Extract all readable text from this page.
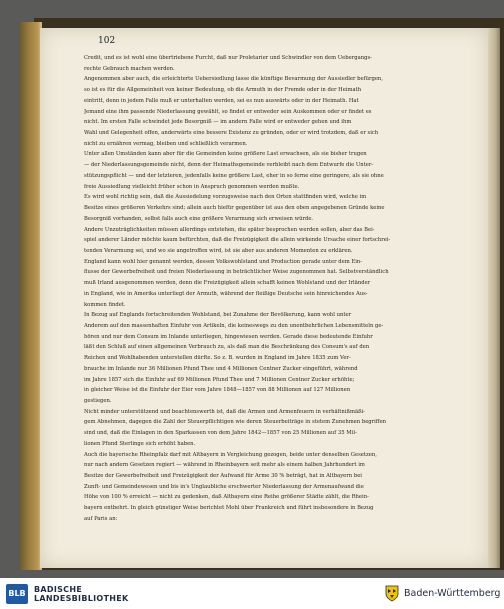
102
Credit, und es ist wohl eine übertriebene Furcht, daß nur Proletarier und Schwindler von dem Uebergangs-
rechte Gebrauch machen werden.
Angenommen aber auch, die erleichterte Uebersiedlung lasse die künftige Bevarmung der Aussiedler befürgen,
so ist es für die Allgemeinheit von keiner Bedeutung, ob die Armuth in der Fremde oder in der Heimath
eintritt, denn in jedem Falle muß er unterhalten werden, sei es nun auswärts oder in der Heimath. Hat
Jemand eine ihm passende Niederlassung gewählt, so findet er entweder sein Auskommen oder er findet es
nicht. Im ersten Falle schwindet jede Besorgniß — im andern Falle wird er entweder gehen und ihm
Wahl und Gelegenheit offen, anderwärts eine bessere Existenz zu gründen, oder er wird trotzdem, daß er sich
nicht zu ernähren vermag, bleiben und schließlich verarmen.
Unter allen Umständen kann aber für die Gemeinden keine größere Last erwachsen, als sie bisher trugen
— der Niederlassungsgemeinde nicht, denn der Heimathsgemeinde verbleibt nach dem Entwurfe die Unter-
stützungspflicht — und der letzteren, jedenfalls keine größere Last, eher in so ferne eine geringere, als sie ohne
freie Aussiedlung vielleicht früher schon in Anspruch genommen werden mußte.
Es wird wohl richtig sein, daß die Aussiedelung vorzugsweise nach den Orten stattfinden wird, welche im
Besitze eines größeren Verkehrs sind; allein auch hiefür gegenüber ist aus den oben angegebenen Gründe keine
Besorgniß vorhanden, selbst falls auch eine größere Verarmung sich erweisen würde.
Andere Unzuträglichkeiten müssen allerdings entstehen, die später besprochen werden sollen, aber das Bei-
spiel anderer Länder möchte kaum befürchten, daß die Freizügigkeit die allein wirkende Ursache einer fortschrei-
tenden Verarmung sei, und wo sie angetroffen wird, ist sie aber aus anderen Momenten zu erklären.
England kann wohl hier genannt werden, dessen Volkswohlstand und Production gerade unter dem Ein-
flusse der Gewerbefreiheit und freien Niederlassung in beträchtlicher Weise zugenommen hat. Selbstverständlich
muß Irland ausgenommen werden, denn die Freizügigkeit allein schafft keinen Wohlstand und der Irländer
in England, wie in Amerika unterliegt der Armuth, während der fleißige Deutsche sein hinreichendes Aus-
kommen findet.
In Bezug auf Englands fortschreitenden Wohlstand, bei Zunahme der Bevölkerung, kann wohl unter
Anderem auf den massenhaften Einfuhr von Artikeln, die keineswegs zu den unentbehrlichen Lebensmitteln ge-
hören und nur dem Consum im Inlande unterliegen, hingewiesen werden. Gerade diese bedeutende Einfuhr
läßt den Schluß auf einen allgemeinen Verbrauch zu, als daß man die Beschränkung des Consum's auf den
Reichen und Wohlhabenden unterstellen dürfte. So z. B. wurden in England im Jahre 1835 zum Ver-
brauche im Inlande nur 36 Millionen Pfund Thee und 4 Millionen Centner Zucker eingeführt, während
im Jahre 1857 sich die Einfuhr auf 69 Millionen Pfund Thee und 7 Millionen Centner Zucker erhöhte;
in gleicher Weise ist die Einfuhr der Eier vom Jahre 1848—1857 von 88 Millionen auf 127 Millionen
gestiegen.
Nicht minder unterstützend und beachtenswerth ist, daß die Armen und Armenfeuern in verhältnißmäßi-
gem Abnehmen, dagegen die Zahl der Steuerpflichtigen wie deren Steuerbeiträge in stetem Zunehmen begriffen
sind und, daß die Einlagen in den Sparkassen von dem Jahre 1842—1857 von 25 Millionen auf 35 Mil-
lionen Pfund Sterlinge sich erhöht haben.
Auch die bayerische Rheinpfalz darf mit Altbayern in Vergleichung gezogen, beide unter denselben Gesetzen,
nur nach andern Gesetzen regiert — während in Rheinbayern seit mehr als einem halben Jahrhundert im
Besitze der Gewerbefreiheit und Freizügigkeit der Aufwand für Arme 30 % beträgt, hat in Altbayern bei
Zunft- und Gemeindewesen und bis in's Unglaubliche erschwerter Niederlassung der Armenaufwand die
Höhe von 100 % erreicht — nicht zu gedenken, daß Altbayern eine Reihe größerer Städte zählt, die Rhein-
bayern entbehrt. In gleich günstiger Weise berichtet Mohl über Frankreich und führt insbesondere in Bezug
auf Paris an:
BLB BADISCHE
LANDESBIBLIOTHEK	Baden-Württemberg
